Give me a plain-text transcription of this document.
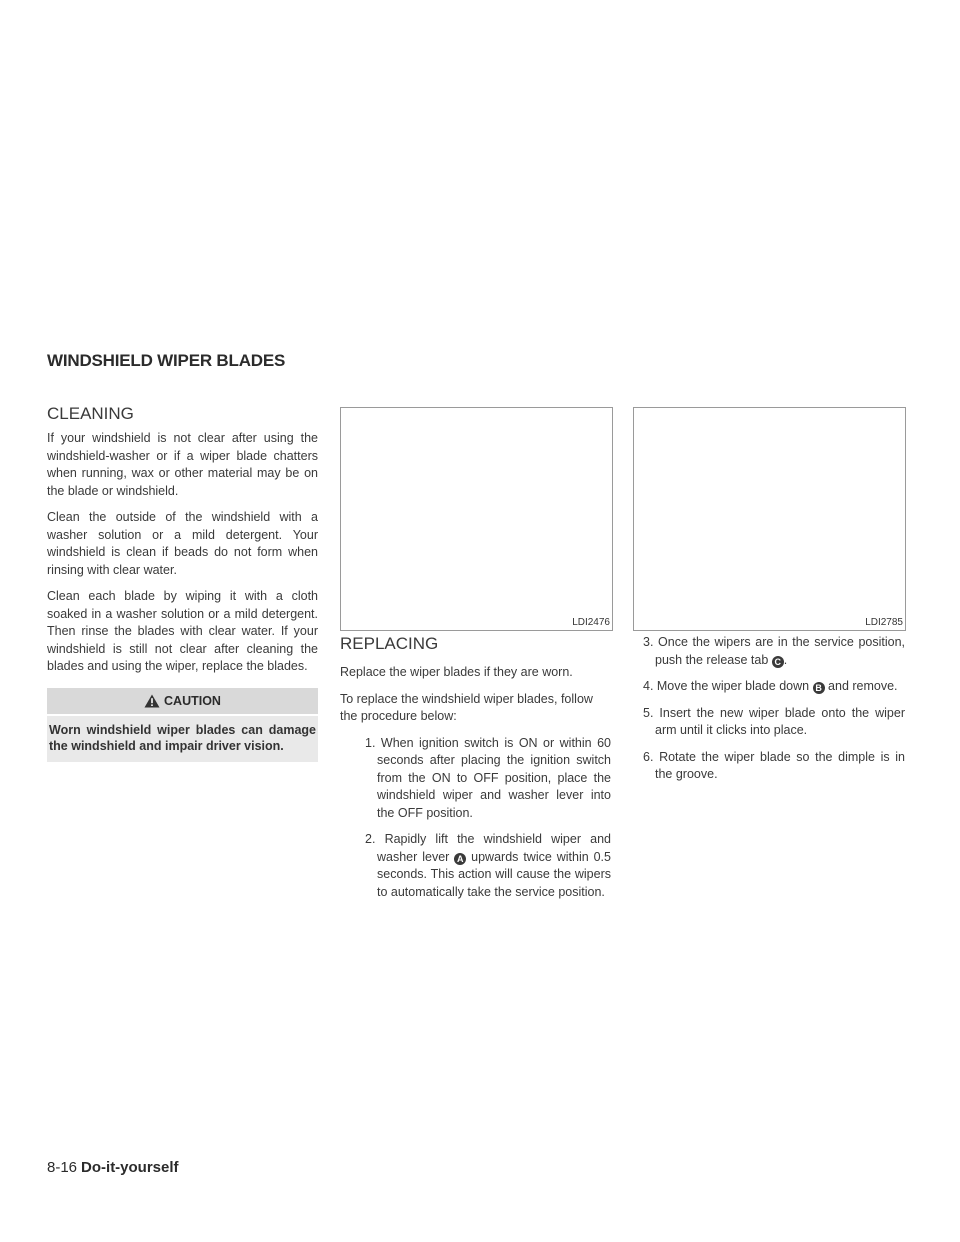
WINDSHIELD WIPER BLADES
CLEANING

If your windshield is not clear after using the windshield-washer or if a wiper blade chatters when running, wax or other material may be on the blade or windshield.

Clean the outside of the windshield with a washer solution or a mild detergent. Your windshield is clean if beads do not form when rinsing with clear water.

Clean each blade by wiping it with a cloth soaked in a washer solution or a mild detergent. Then rinse the blades with clear water. If your windshield is still not clear after cleaning the blades and using the wiper, replace the blades.

CAUTION

Worn windshield wiper blades can damage the windshield and impair driver vision.

LDI2476	LDI2785
REPLACING

Replace the wiper blades if they are worn.

To replace the windshield wiper blades, follow the procedure below:

1. When ignition switch is ON or within 60 seconds after placing the ignition switch from the ON to OFF position, place the windshield wiper and washer lever into the OFF position.
2. Rapidly lift the windshield wiper and washer lever A upwards twice within 0.5 seconds. This action will cause the wipers to automatically take the service position.
3. Once the wipers are in the service position, push the release tab C .
4. Move the wiper blade down B and remove.
5. Insert the new wiper blade onto the wiper arm until it clicks into place.
6. Rotate the wiper blade so the dimple is in the groove.
8-16 Do-it-yourself
